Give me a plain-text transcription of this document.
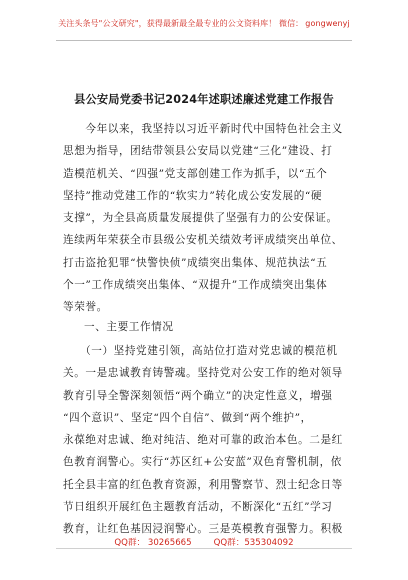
关注头条号"公文研究"，获得最新最全最专业的公文资料库！ 微信： gongwenyj
县公安局党委书记2024年述职述廉述党建工作报告
　　今年以来，我坚持以习近平新时代中国特色社会主义
思想为指导，团结带领县公安局以党建“三化”建设、打
造模范机关、“四强”党支部创建工作为抓手，以“五个
坚持”推动党建工作的“软实力”转化成公安发展的“硬
支撑”，为全县高质量发展提供了坚强有力的公安保证。
连续两年荣获全市县级公安机关绩效考评成绩突出单位、
打击盗抢犯罪“快警快侦”成绩突出集体、规范执法“五
个一”工作成绩突出集体、“双提升”工作成绩突出集体
等荣誉。
一、主要工作情况
　　（一）坚持党建引领，高站位打造对党忠诚的模范机
关。一是忠诚教育铸警魂。坚持党对公安工作的绝对领导
教育引导全警深刻领悟“两个确立”的决定性意义，增强
“四个意识”、坚定“四个自信”、做到“两个维护”，
永葆绝对忠诚、绝对纯洁、绝对可靠的政治本色。二是红
色教育润警心。实行“苏区红+公安蓝”双色育警机制，依
托全县丰富的红色教育资源，利用警察节、烈士纪念日等
节日组织开展红色主题教育活动，不断深化“五红”学习
教育，让红色基因浸润警心。三是英模教育强警力。积极
QQ群： 30265665	QQ群：535304092
